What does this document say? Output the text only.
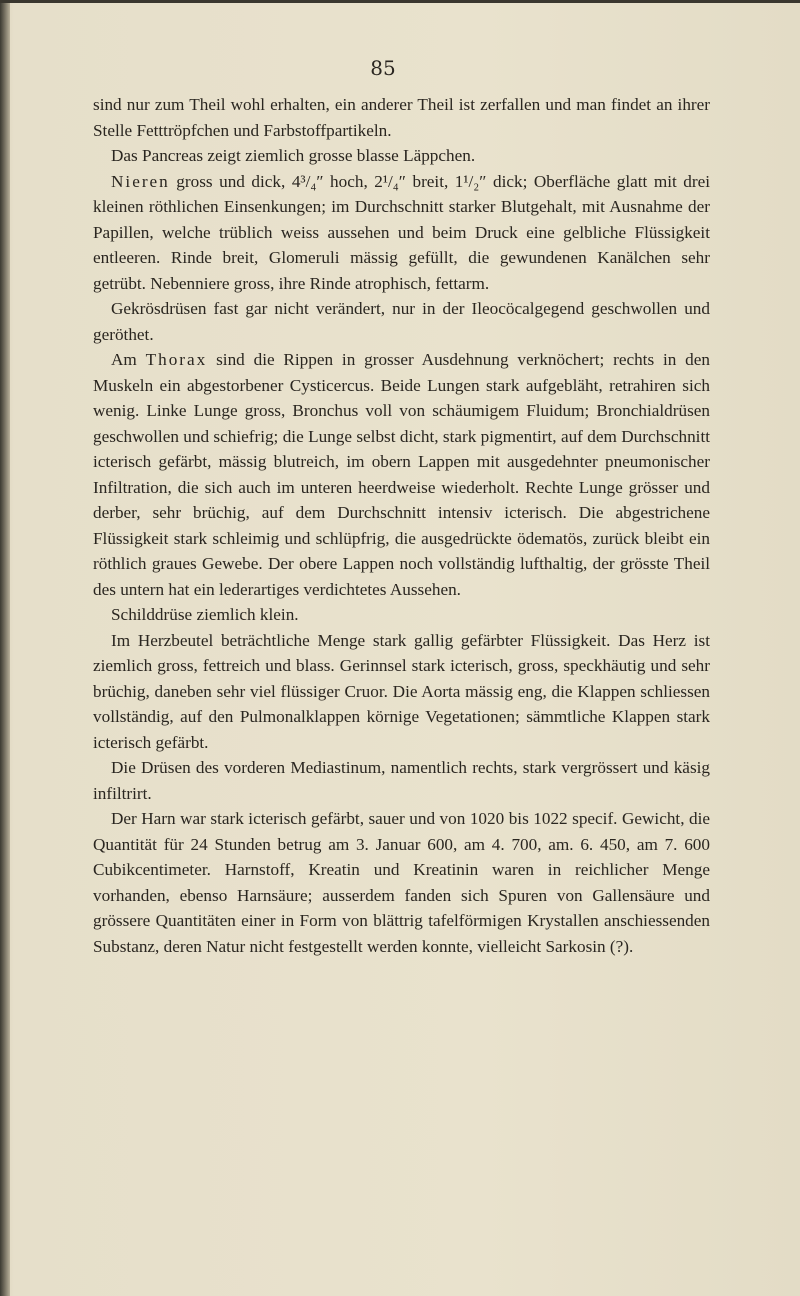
85

sind nur zum Theil wohl erhalten, ein anderer Theil ist zerfallen und man findet an ihrer Stelle Fetttröpfchen und Farbstoffpartikeln.

Das Pancreas zeigt ziemlich grosse blasse Läppchen.

Nieren gross und dick, 4³/₄″ hoch, 2¹/₄″ breit, 1¹/₂″ dick; Oberfläche glatt mit drei kleinen röthlichen Einsenkungen; im Durchschnitt starker Blutgehalt, mit Ausnahme der Papillen, welche trüblich weiss aussehen und beim Druck eine gelbliche Flüssigkeit entleeren. Rinde breit, Glomeruli mässig gefüllt, die gewundenen Kanälchen sehr getrübt. Nebenniere gross, ihre Rinde atrophisch, fettarm.

Gekrösdrüsen fast gar nicht verändert, nur in der Ileocöcalgegend geschwollen und geröthet.

Am Thorax sind die Rippen in grosser Ausdehnung verknöchert; rechts in den Muskeln ein abgestorbener Cysticercus. Beide Lungen stark aufgebläht, retrahiren sich wenig. Linke Lunge gross, Bronchus voll von schäumigem Fluidum; Bronchialdrüsen geschwollen und schiefrig; die Lunge selbst dicht, stark pigmentirt, auf dem Durchschnitt icterisch gefärbt, mässig blutreich, im obern Lappen mit ausgedehnter pneumonischer Infiltration, die sich auch im unteren heerdweise wiederholt. Rechte Lunge grösser und derber, sehr brüchig, auf dem Durchschnitt intensiv icterisch. Die abgestrichene Flüssigkeit stark schleimig und schlüpfrig, die ausgedrückte ödematös, zurück bleibt ein röthlich graues Gewebe. Der obere Lappen noch vollständig lufthaltig, der grösste Theil des untern hat ein lederartiges verdichtetes Aussehen.

Schilddrüse ziemlich klein.

Im Herzbeutel beträchtliche Menge stark gallig gefärbter Flüssigkeit. Das Herz ist ziemlich gross, fettreich und blass. Gerinnsel stark icterisch, gross, speckhäutig und sehr brüchig, daneben sehr viel flüssiger Cruor. Die Aorta mässig eng, die Klappen schliessen vollständig, auf den Pulmonalklappen körnige Vegetationen; sämmtliche Klappen stark icterisch gefärbt.

Die Drüsen des vorderen Mediastinum, namentlich rechts, stark vergrössert und käsig infiltrirt.

Der Harn war stark icterisch gefärbt, sauer und von 1020 bis 1022 specif. Gewicht, die Quantität für 24 Stunden betrug am 3. Januar 600, am 4. 700, am. 6. 450, am 7. 600 Cubikcentimeter. Harnstoff, Kreatin und Kreatinin waren in reichlicher Menge vorhanden, ebenso Harnsäure; ausserdem fanden sich Spuren von Gallensäure und grössere Quantitäten einer in Form von blättrig tafelförmigen Krystallen anschiessenden Substanz, deren Natur nicht festgestellt werden konnte, vielleicht Sarkosin (?).
